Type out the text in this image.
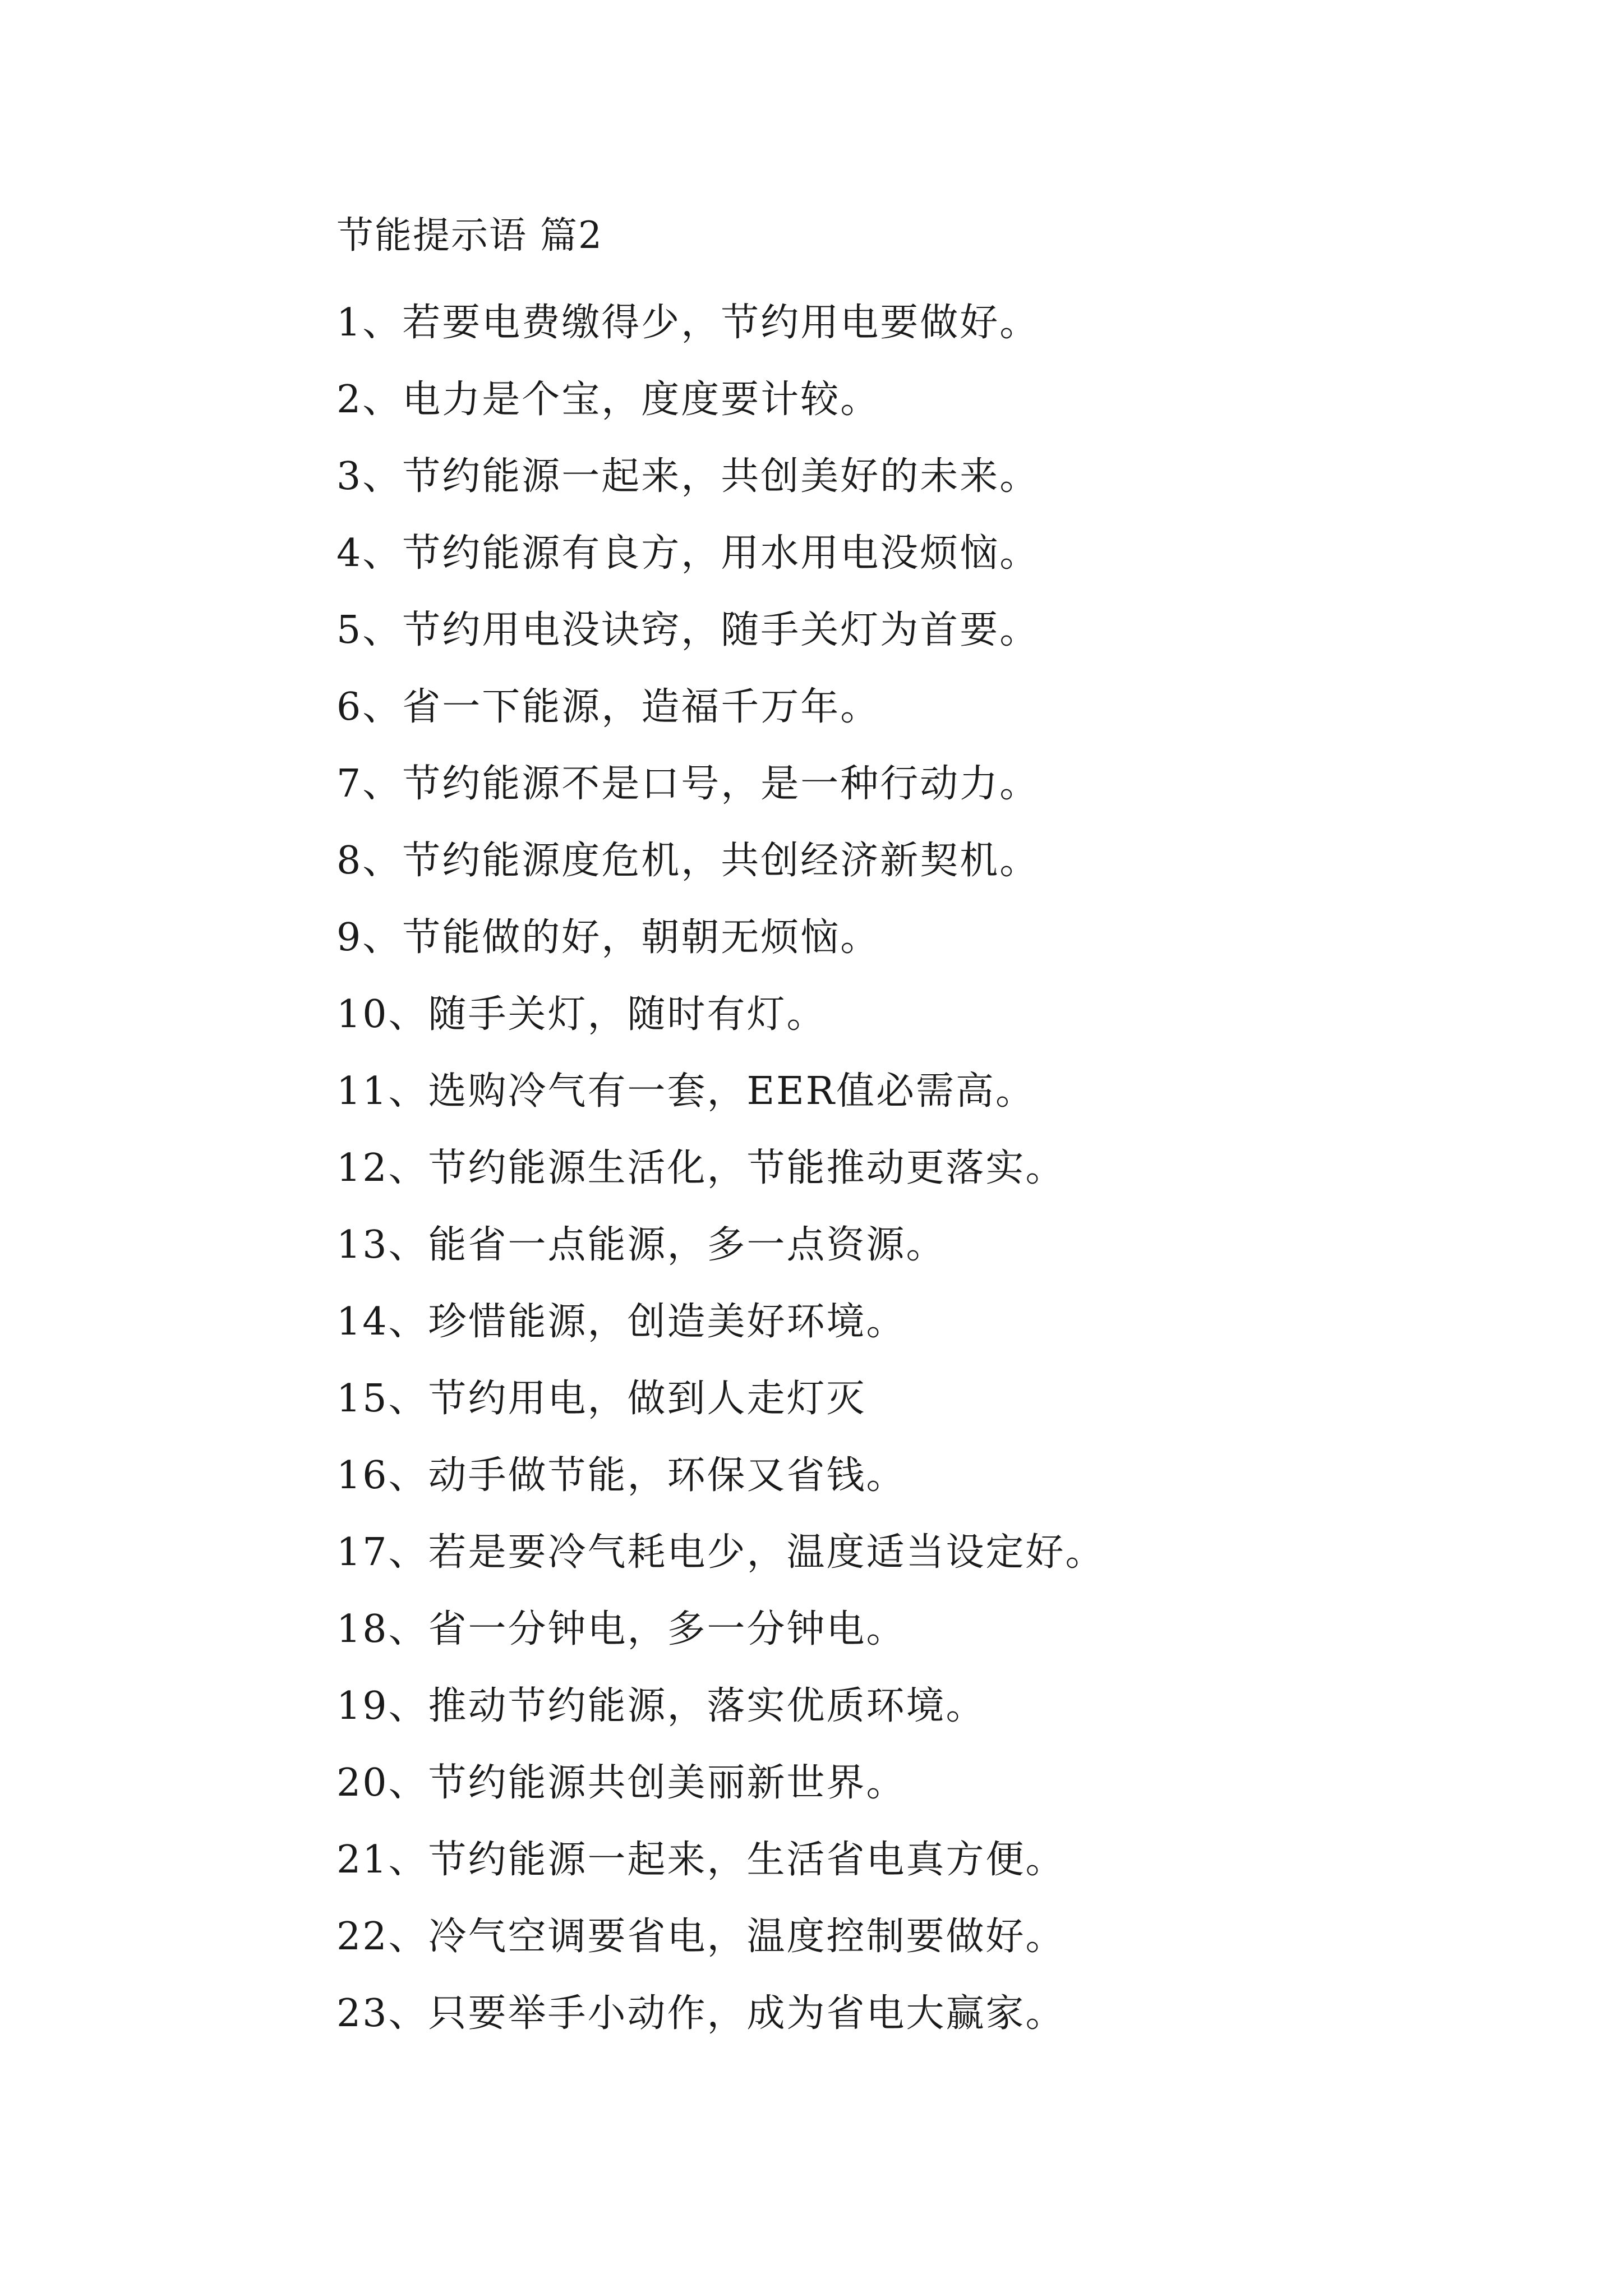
节能提示语 篇2
1、若要电费缴得少，节约用电要做好。
2、电力是个宝，度度要计较。
3、节约能源一起来，共创美好的未来。
4、节约能源有良方，用水用电没烦恼。
5、节约用电没诀窍，随手关灯为首要。
6、省一下能源，造福千万年。
7、节约能源不是口号，是一种行动力。
8、节约能源度危机，共创经济新契机。
9、节能做的好，朝朝无烦恼。
10、随手关灯，随时有灯。
11、选购冷气有一套，EER值必需高。
12、节约能源生活化，节能推动更落实。
13、能省一点能源，多一点资源。
14、珍惜能源，创造美好环境。
15、节约用电，做到人走灯灭
16、动手做节能，环保又省钱。
17、若是要冷气耗电少，温度适当设定好。
18、省一分钟电，多一分钟电。
19、推动节约能源，落实优质环境。
20、节约能源共创美丽新世界。
21、节约能源一起来，生活省电真方便。
22、冷气空调要省电，温度控制要做好。
23、只要举手小动作，成为省电大赢家。
